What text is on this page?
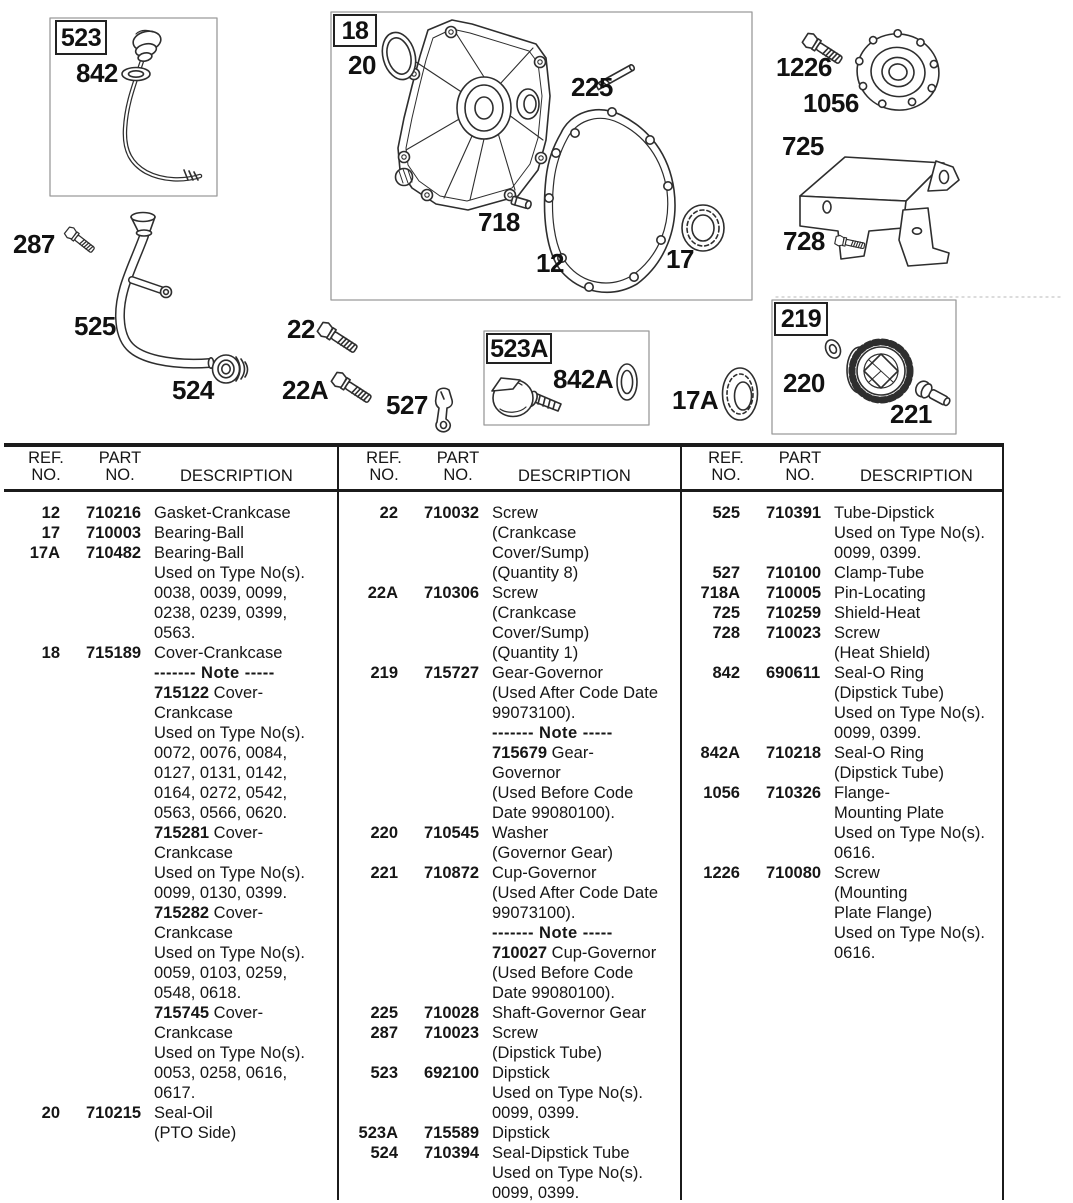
523
842
287
525
524
18
20
225
718
12	17
22
22A 527
523A
842A
17A
1226
1056
725
728
219
220
221
REF.
NO.
PART
NO.	DESCRIPTION
12 710216 Gasket-Crankcase
17 710003 Bearing-Ball
17A 710482 Bearing-Ball
Used on Type No(s).
0038, 0039, 0099,
0238, 0239, 0399,
0563.
18 715189 Cover-Crankcase
------- Note -----
715122 Cover-
Crankcase
Used on Type No(s).
0072, 0076, 0084,
0127, 0131, 0142,
0164, 0272, 0542,
0563, 0566, 0620.
715281 Cover-
Crankcase
Used on Type No(s).
0099, 0130, 0399.
715282 Cover-
Crankcase
Used on Type No(s).
0059, 0103, 0259,
0548, 0618.
715745 Cover-
Crankcase
Used on Type No(s).
0053, 0258, 0616,
0617.
20 710215 Seal-Oil
(PTO Side)
REF.
NO.
PART
NO.	DESCRIPTION
22 710032 Screw
(Crankcase
Cover/Sump)
(Quantity 8)
22A 710306 Screw
(Crankcase
Cover/Sump)
(Quantity 1)
219 715727 Gear-Governor
(Used After Code Date
99073100).
------- Note -----
715679 Gear-
Governor
(Used Before Code
Date 99080100).
220 710545 Washer
(Governor Gear)
221 710872 Cup-Governor
(Used After Code Date
99073100).
------- Note -----
710027 Cup-Governor
(Used Before Code
Date 99080100).
225 710028 Shaft-Governor Gear
287 710023 Screw
(Dipstick Tube)
523 692100 Dipstick
Used on Type No(s).
0099, 0399.
523A 715589 Dipstick
524 710394 Seal-Dipstick Tube
Used on Type No(s).
0099, 0399.
REF.
NO.
PART
NO.	DESCRIPTION
525 710391 Tube-Dipstick
Used on Type No(s).
0099, 0399.
527 710100 Clamp-Tube
718A 710005 Pin-Locating
725 710259 Shield-Heat
728 710023 Screw
(Heat Shield)
842 690611 Seal-O Ring
(Dipstick Tube)
Used on Type No(s).
0099, 0399.
842A 710218 Seal-O Ring
(Dipstick Tube)
1056 710326 Flange-
Mounting Plate
Used on Type No(s).
0616.
1226 710080 Screw
(Mounting
Plate Flange)
Used on Type No(s).
0616.
